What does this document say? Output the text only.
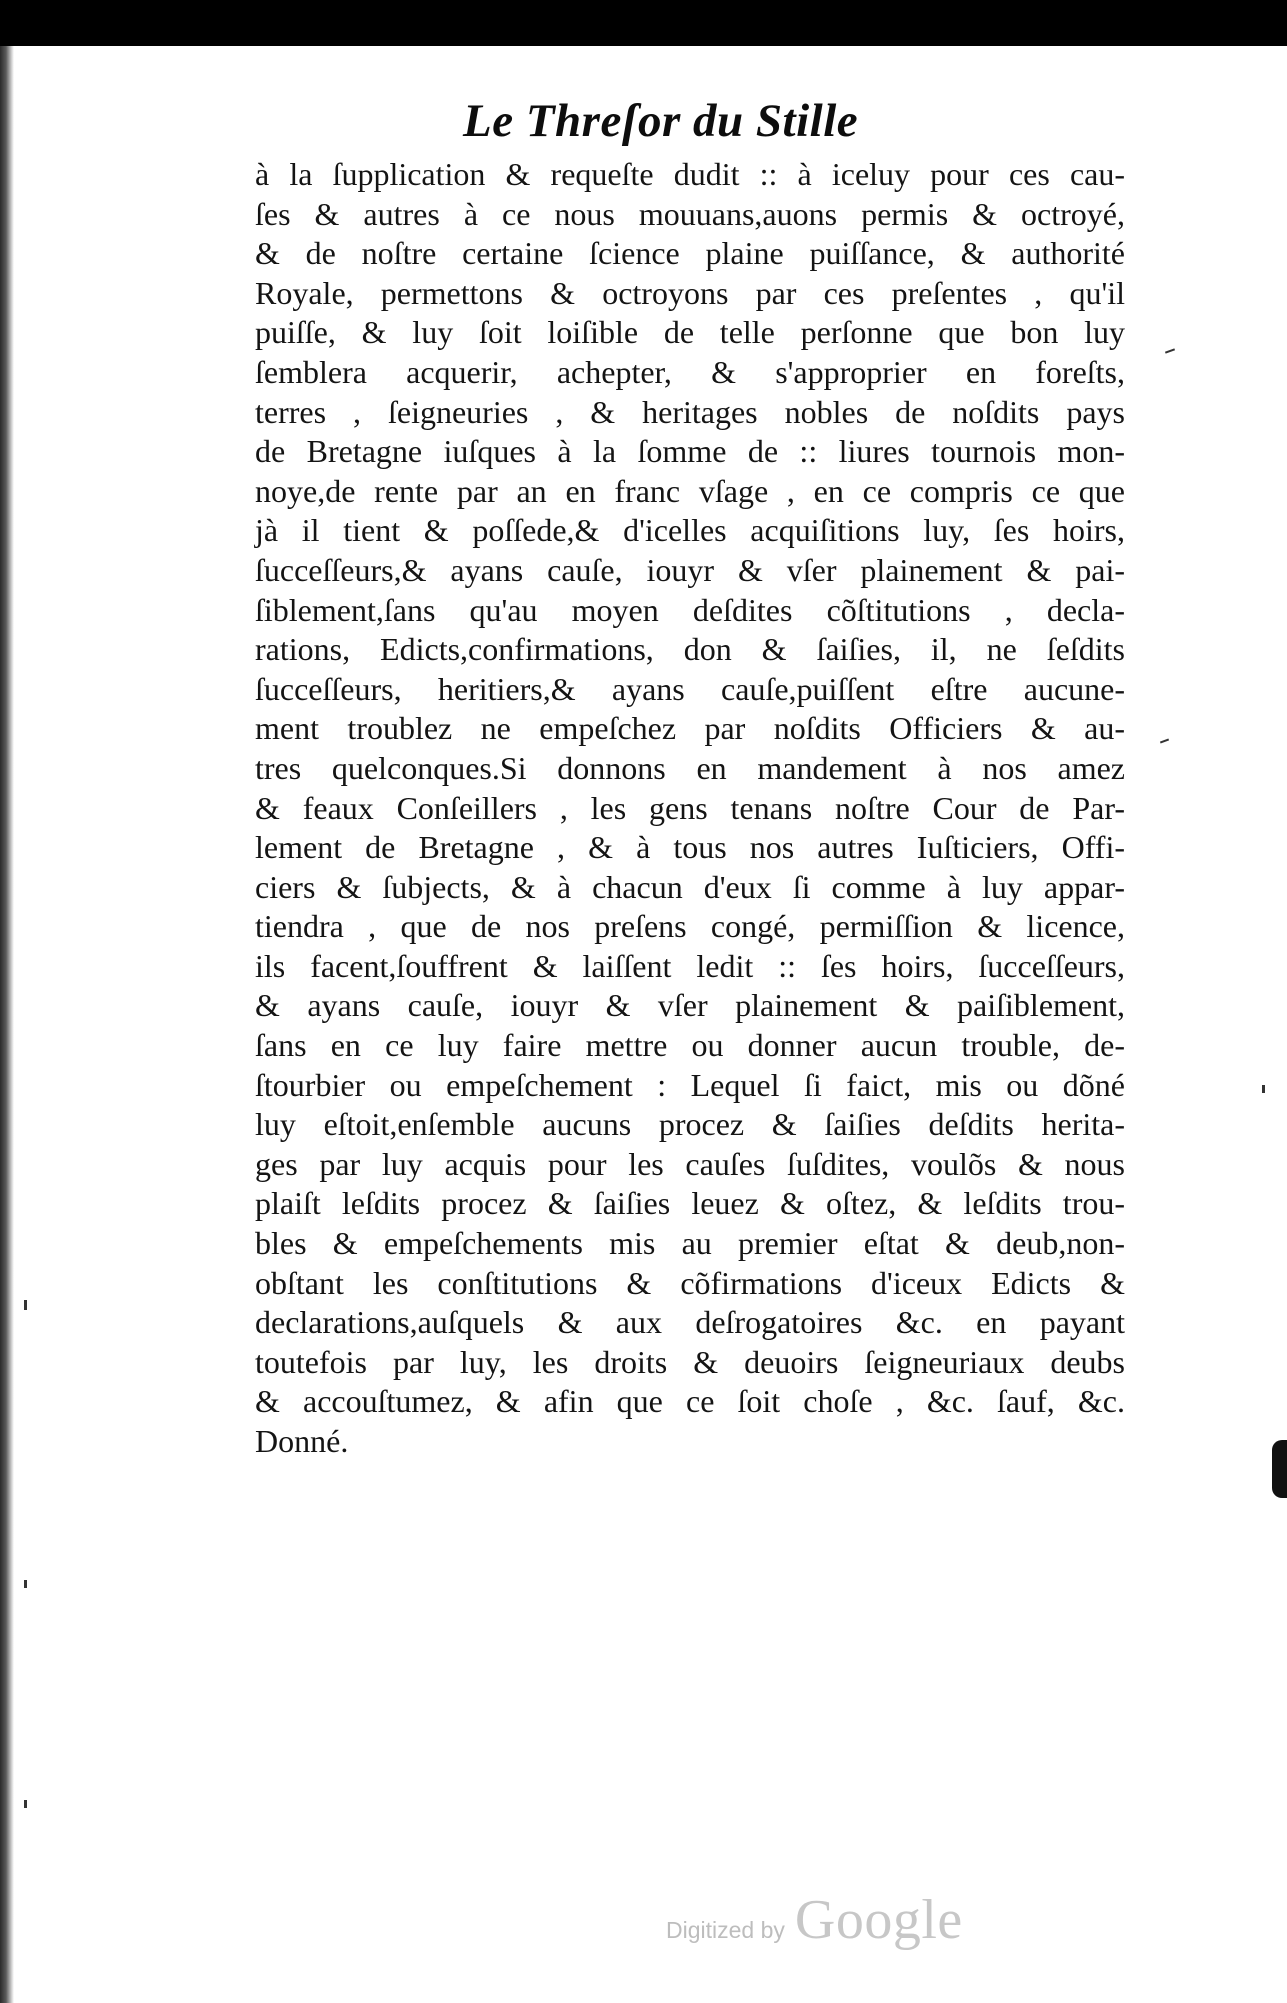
Le Threſor du Stille
à la ſupplication & requeſte dudit :: à iceluy pour ces cau-
ſes & autres à ce nous mouuans,auons permis & octroyé,
& de noſtre certaine ſcience plaine puiſſance, & authorité
Royale, permettons & octroyons par ces preſentes , qu'il
puiſſe, & luy ſoit loiſible de telle perſonne que bon luy
ſemblera acquerir, achepter, & s'approprier en foreſts,
terres , ſeigneuries , & heritages nobles de noſdits pays
de Bretagne iuſques à la ſomme de :: liures tournois mon-
noye,de rente par an en franc vſage , en ce compris ce que
jà il tient & poſſede,& d'icelles acquiſitions luy, ſes hoirs,
ſucceſſeurs,& ayans cauſe, iouyr & vſer plainement & pai-
ſiblement,ſans qu'au moyen deſdites cõſtitutions , decla-
rations, Edicts,confirmations, don & ſaiſies, il, ne ſeſdits
ſucceſſeurs, heritiers,& ayans cauſe,puiſſent eſtre aucune-
ment troublez ne empeſchez par noſdits Officiers & au-
tres quelconques.Si donnons en mandement à nos amez
& feaux Conſeillers , les gens tenans noſtre Cour de Par-
lement de Bretagne , & à tous nos autres Iuſticiers, Offi-
ciers & ſubjects, & à chacun d'eux ſi comme à luy appar-
tiendra , que de nos preſens congé, permiſſion & licence,
ils facent,ſouffrent & laiſſent ledit :: ſes hoirs, ſucceſſeurs,
& ayans cauſe, iouyr & vſer plainement & paiſiblement,
ſans en ce luy faire mettre ou donner aucun trouble, de-
ſtourbier ou empeſchement : Lequel ſi faict, mis ou dõné
luy eſtoit,enſemble aucuns procez & ſaiſies deſdits herita-
ges par luy acquis pour les cauſes ſuſdites, voulõs & nous
plaiſt leſdits procez & ſaiſies leuez & oſtez, & leſdits trou-
bles & empeſchements mis au premier eſtat & deub,non-
obſtant les conſtitutions & cõfirmations d'iceux Edicts &
declarations,auſquels & aux deſrogatoires &c. en payant
toutefois par luy, les droits & deuoirs ſeigneuriaux deubs
& accouſtumez, & afin que ce ſoit choſe , &c. ſauf, &c.
Donné.
Digitized by Google
